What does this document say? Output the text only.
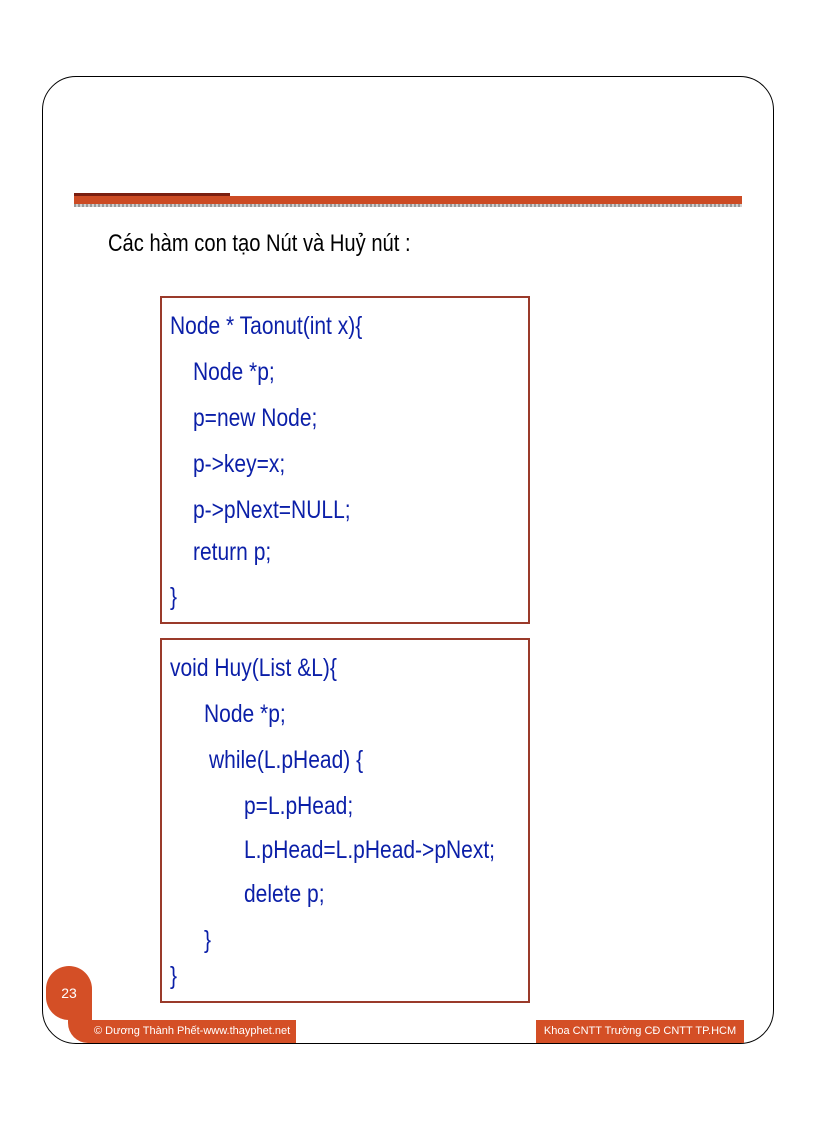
Các hàm con tạo Nút và Huỷ nút :
Node * Taonut(int x){
Node *p;
p=new Node;
p->key=x;
p->pNext=NULL;
return p;
}
void Huy(List &L){
Node *p;
while(L.pHead) {
p=L.pHead;
L.pHead=L.pHead->pNext;
delete p;
}
}
23
© Dương Thành Phết-www.thayphet.net	Khoa CNTT Trường CĐ CNTT TP.HCM
